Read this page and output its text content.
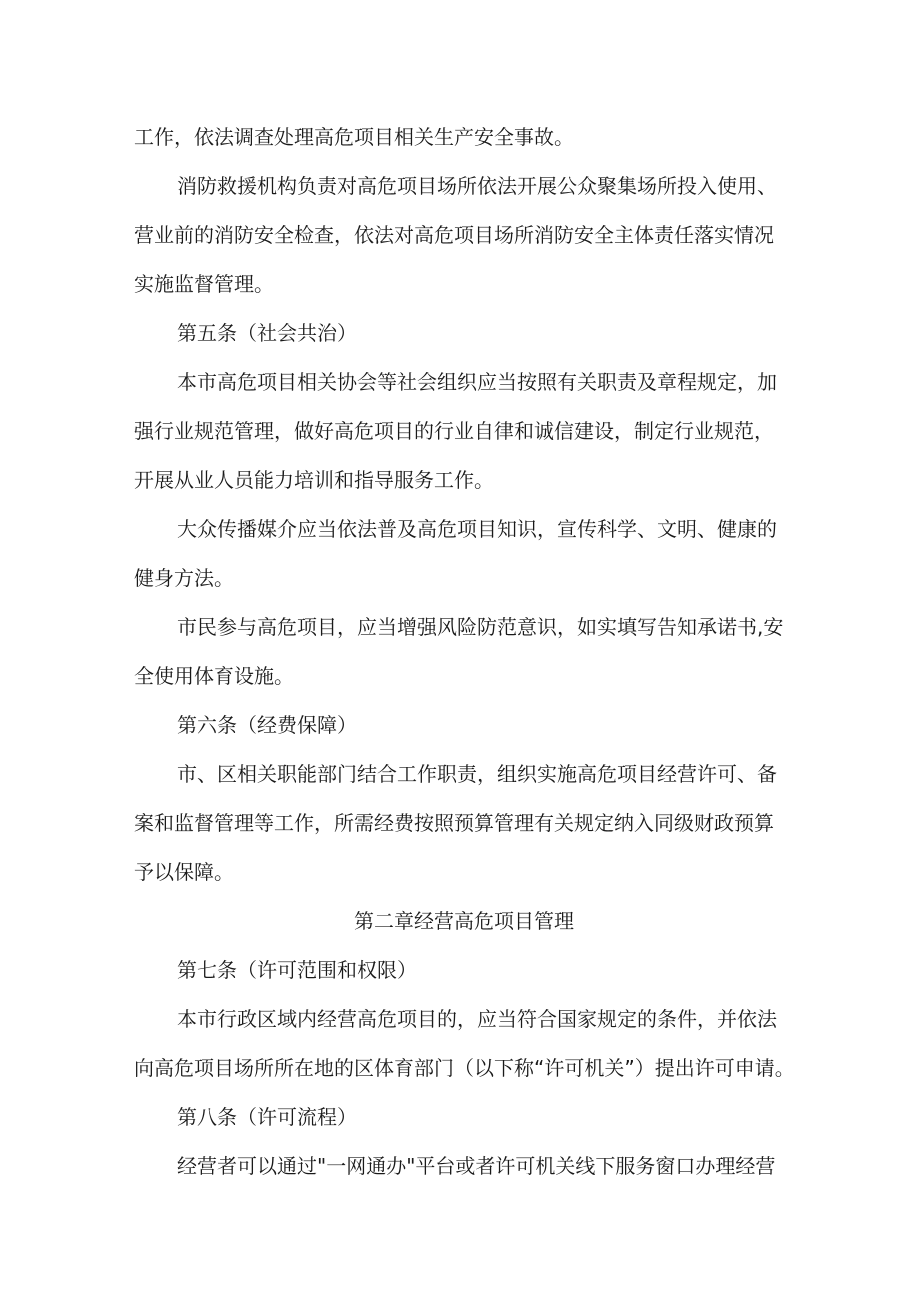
工作，依法调查处理高危项目相关生产安全事故。

消防救援机构负责对高危项目场所依法开展公众聚集场所投入使用、

营业前的消防安全检查，依法对高危项目场所消防安全主体责任落实情况

实施监督管理。

第五条（社会共治）

本市高危项目相关协会等社会组织应当按照有关职责及章程规定，加

强行业规范管理，做好高危项目的行业自律和诚信建设，制定行业规范，

开展从业人员能力培训和指导服务工作。

大众传播媒介应当依法普及高危项目知识，宣传科学、文明、健康的

健身方法。

市民参与高危项目，应当增强风险防范意识，如实填写告知承诺书,安

全使用体育设施。

第六条（经费保障）

市、区相关职能部门结合工作职责，组织实施高危项目经营许可、备

案和监督管理等工作，所需经费按照预算管理有关规定纳入同级财政预算

予以保障。

第二章经营高危项目管理

第七条（许可范围和权限）

本市行政区域内经营高危项目的，应当符合国家规定的条件，并依法

向高危项目场所所在地的区体育部门（以下称“许可机关”）提出许可申请。

第八条（许可流程）

经营者可以通过"一网通办"平台或者许可机关线下服务窗口办理经营
